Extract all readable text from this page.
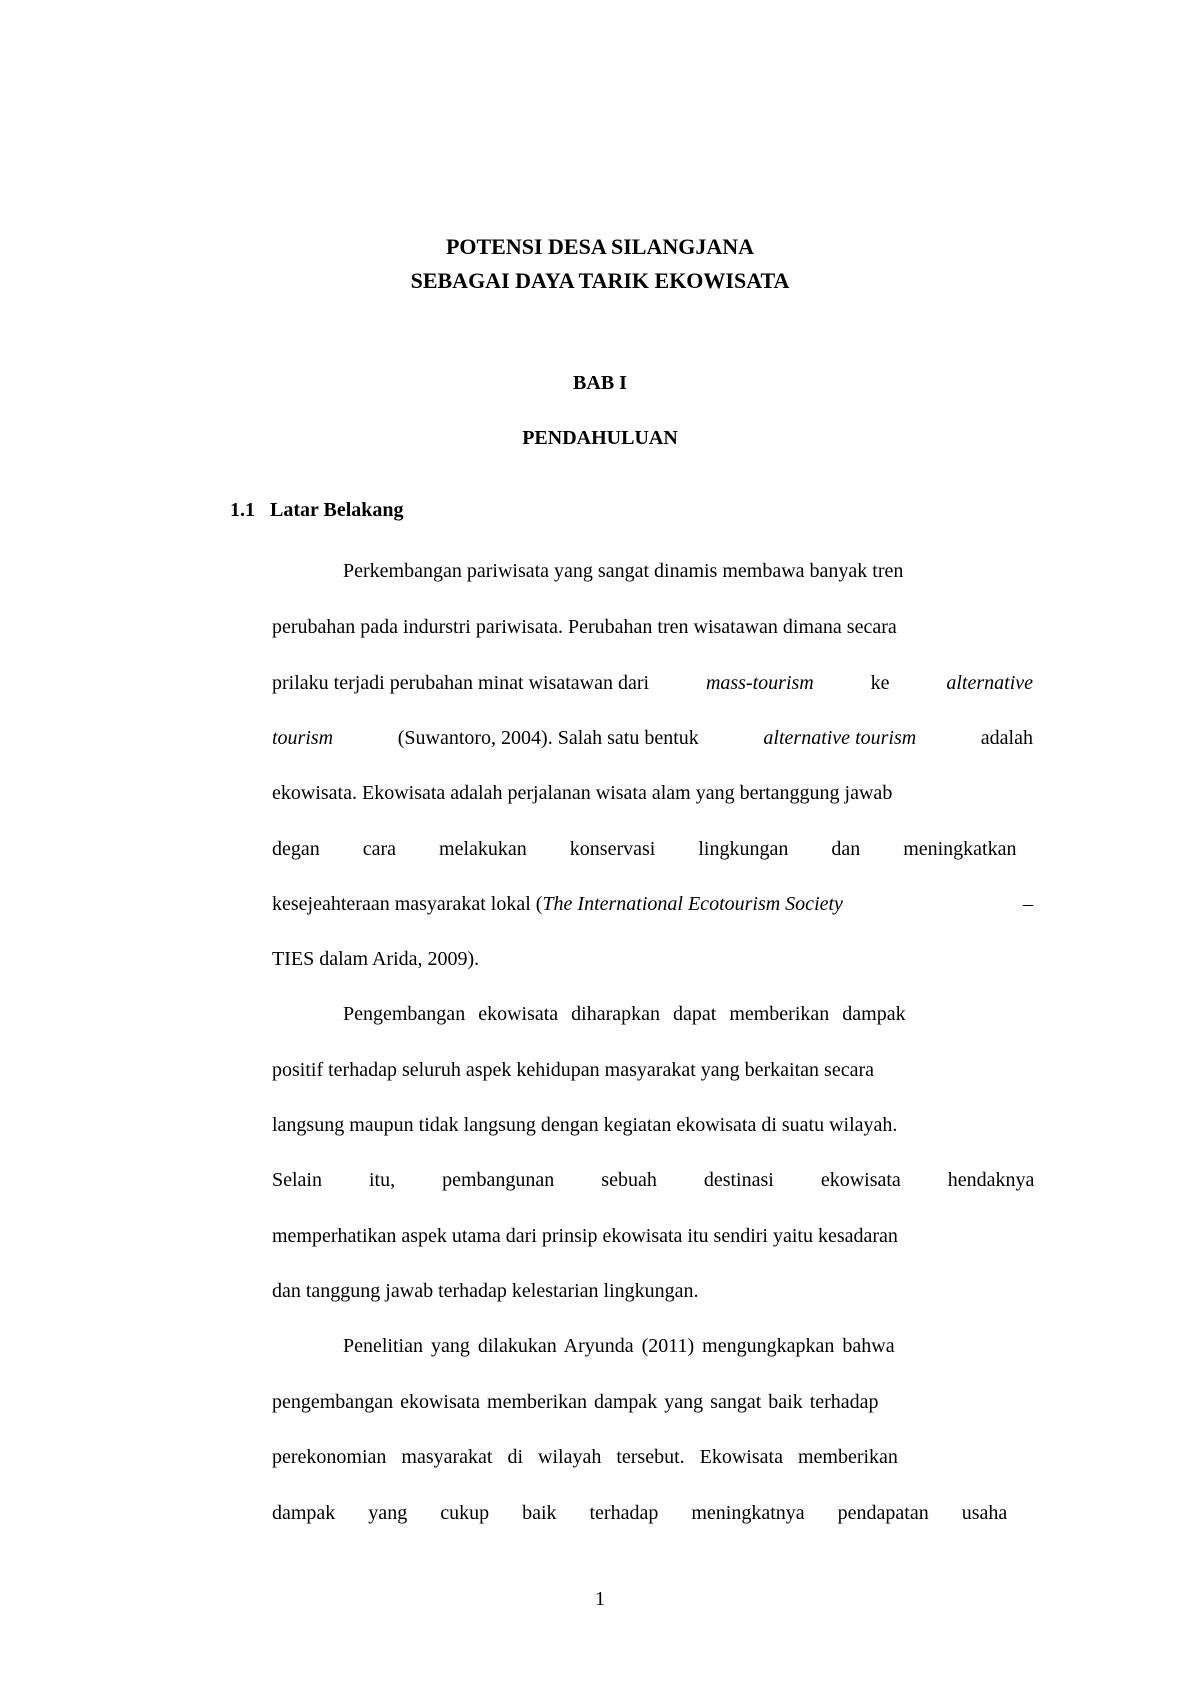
POTENSI DESA SILANGJANA
SEBAGAI DAYA TARIK EKOWISATA
BAB I
PENDAHULUAN
1.1 Latar Belakang
Perkembangan pariwisata yang sangat dinamis membawa banyak tren
perubahan pada indurstri pariwisata. Perubahan tren wisatawan dimana secara
prilaku terjadi perubahan minat wisatawan dari	mass-tourism	ke	alternative
tourism	(Suwantoro, 2004). Salah satu bentuk	alternative tourism	adalah
ekowisata. Ekowisata adalah perjalanan wisata alam yang bertanggung jawab
degan cara melakukan konservasi lingkungan dan meningkatkan
kesejeahteraan masyarakat lokal (The International Ecotourism Society	–
TIES dalam Arida, 2009).
Pengembangan ekowisata diharapkan dapat memberikan dampak
positif terhadap seluruh aspek kehidupan masyarakat yang berkaitan secara
langsung maupun tidak langsung dengan kegiatan ekowisata di suatu wilayah.
Selain itu, pembangunan sebuah destinasi ekowisata hendaknya
memperhatikan aspek utama dari prinsip ekowisata itu sendiri yaitu kesadaran
dan tanggung jawab terhadap kelestarian lingkungan.
Penelitian yang dilakukan Aryunda (2011) mengungkapkan bahwa
pengembangan ekowisata memberikan dampak yang sangat baik terhadap
perekonomian masyarakat di wilayah tersebut. Ekowisata memberikan
dampak yang cukup baik terhadap meningkatnya pendapatan usaha
1
